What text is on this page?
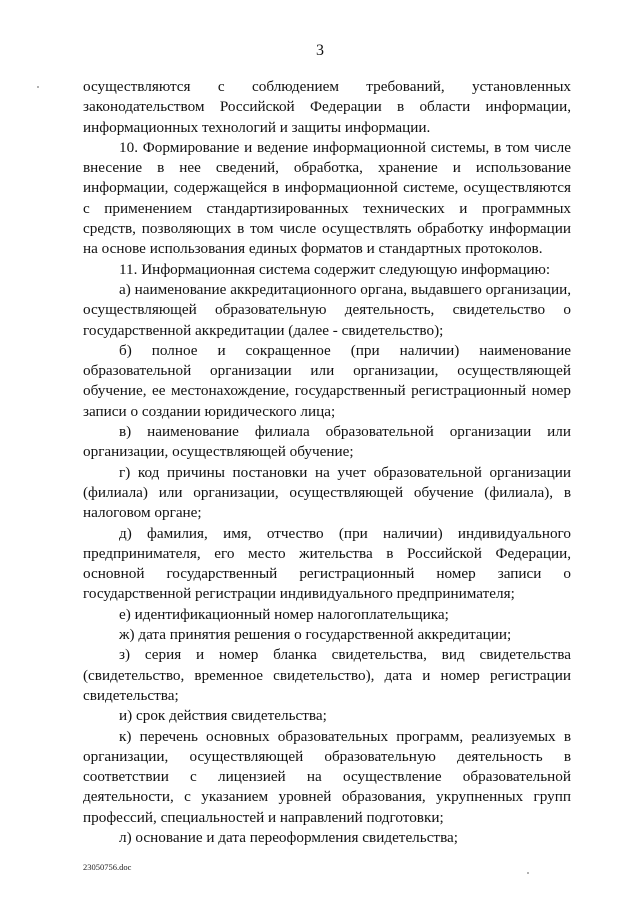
3

осуществляются с соблюдением требований, установленных законодательством Российской Федерации в области информации, информационных технологий и защиты информации.

10. Формирование и ведение информационной системы, в том числе внесение в нее сведений, обработка, хранение и использование информации, содержащейся в информационной системе, осуществляются с применением стандартизированных технических и программных средств, позволяющих в том числе осуществлять обработку информации на основе использования единых форматов и стандартных протоколов.

11. Информационная система содержит следующую информацию:

а) наименование аккредитационного органа, выдавшего организации, осуществляющей образовательную деятельность, свидетельство о государственной аккредитации (далее - свидетельство);

б) полное и сокращенное (при наличии) наименование образовательной организации или организации, осуществляющей обучение, ее местонахождение, государственный регистрационный номер записи о создании юридического лица;

в) наименование филиала образовательной организации или организации, осуществляющей обучение;

г) код причины постановки на учет образовательной организации (филиала) или организации, осуществляющей обучение (филиала), в налоговом органе;

д) фамилия, имя, отчество (при наличии) индивидуального предпринимателя, его место жительства в Российской Федерации, основной государственный регистрационный номер записи о государственной регистрации индивидуального предпринимателя;

е) идентификационный номер налогоплательщика;

ж) дата принятия решения о государственной аккредитации;

з) серия и номер бланка свидетельства, вид свидетельства (свидетельство, временное свидетельство), дата и номер регистрации свидетельства;

и) срок действия свидетельства;

к) перечень основных образовательных программ, реализуемых в организации, осуществляющей образовательную деятельность в соответствии с лицензией на осуществление образовательной деятельности, с указанием уровней образования, укрупненных групп профессий, специальностей и направлений подготовки;

л) основание и дата переоформления свидетельства;

23050756.doc
